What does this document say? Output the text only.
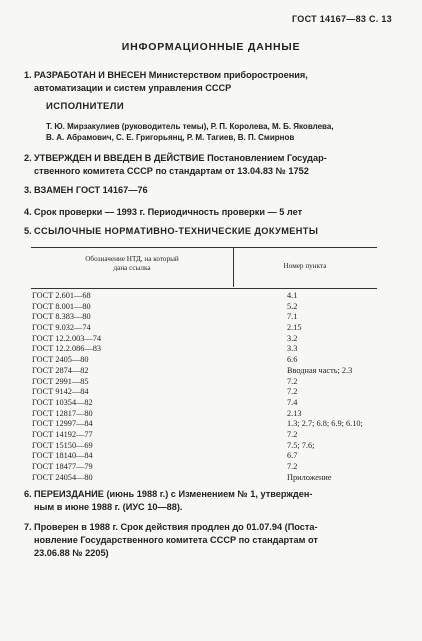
ГОСТ 14167—83 С. 13
ИНФОРМАЦИОННЫЕ ДАННЫЕ
1. РАЗРАБОТАН И ВНЕСЕН Министерством приборостроения,
автоматизации и систем управления СССР
ИСПОЛНИТЕЛИ
Т. Ю. Мирзакулиев (руководитель темы), Р. П. Королева, М. Б. Яковлева,
В. А. Абрамович, С. Е. Григорьянц, Р. М. Тагиев, В. П. Смирнов
2. УТВЕРЖДЕН И ВВЕДЕН В ДЕЙСТВИЕ Постановлением Государ-
ственного комитета СССР по стандартам от 13.04.83 № 1752
3. ВЗАМЕН ГОСТ 14167—76
4. Срок проверки — 1993 г. Периодичность проверки — 5 лет
5. ССЫЛОЧНЫЕ НОРМАТИВНО-ТЕХНИЧЕСКИЕ ДОКУМЕНТЫ
Обозначение НТД, на который
дана ссылка	Номер пункта
ГОСТ 2.601—68
ГОСТ 8.001—80
ГОСТ 8.383—80
ГОСТ 9.032—74
ГОСТ 12.2.003—74
ГОСТ 12.2.086—83
ГОСТ 2405—80
ГОСТ 2874—82
ГОСТ 2991—85
ГОСТ 9142—84
ГОСТ 10354—82
ГОСТ 12817—80
ГОСТ 12997—84
ГОСТ 14192—77
ГОСТ 15150—69
ГОСТ 18140—84
ГОСТ 18477—79
ГОСТ 24054—80
4.1
5.2
7.1
2.15
3.2
3.3
6.6
Вводная часть; 2.3
7.2
7.2
7.4
2.13
1.3; 2.7; 6.8; 6.9; 6.10;
7.2
7.5; 7.6;
6.7
7.2
Приложение
6. ПЕРЕИЗДАНИЕ (июнь 1988 г.) с Изменением № 1, утвержден-
ным в июне 1988 г. (ИУС 10—88).
7. Проверен в 1988 г. Срок действия продлен до 01.07.94 (Поста-
новление Государственного комитета СССР по стандартам от
23.06.88 № 2205)
